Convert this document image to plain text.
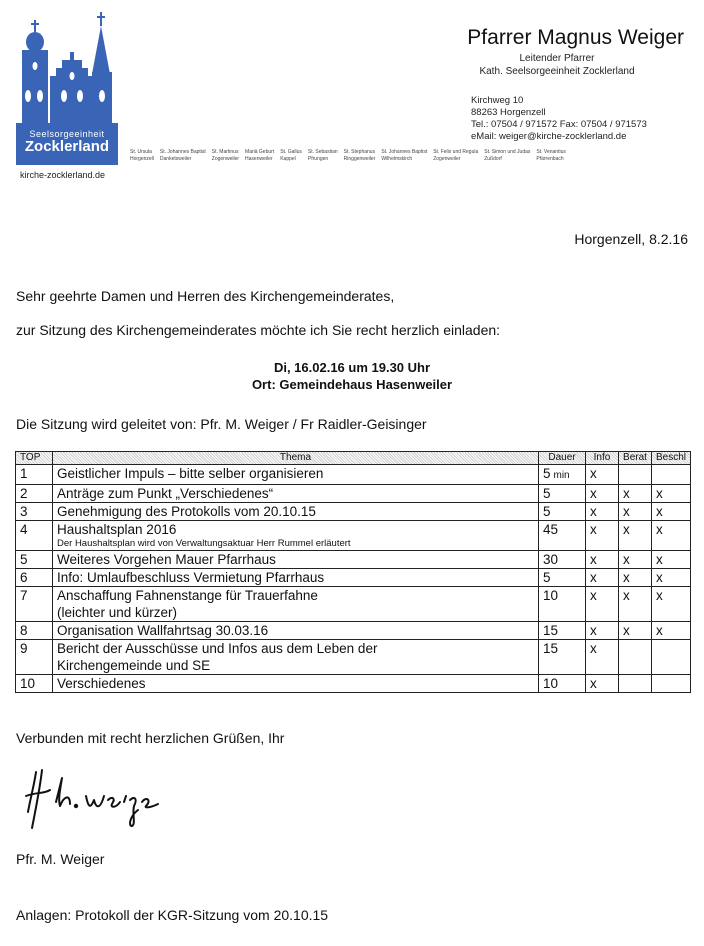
Seelsorgeeinheit
Zocklerland
kirche-zocklerland.de
St. Ursula
Horgenzell
St. Johannes Baptist
Danketsweiler
St. Martinus
Zogenweiler
Mariä Geburt
Hasenweiler
St. Gallus
Kappel
St. Sebastian
Pfrungen
St. Stephanus
Ringgenweiler
St. Johannes Baptist
Wilhelmskirch
St. Felix und Regula
Zogenweiler
St. Simon und Judas
Zußdorf
St. Venantius
Pfärrenbach
Pfarrer Magnus Weiger
Leitender Pfarrer
Kath. Seelsorgeeinheit Zocklerland
Kirchweg 10
88263 Horgenzell
Tel.: 07504 / 971572 Fax: 07504 / 971573
eMail: weiger@kirche-zocklerland.de
Horgenzell, 8.2.16
Sehr geehrte Damen und Herren des Kirchengemeinderates,
zur Sitzung des Kirchengemeinderates möchte ich Sie recht herzlich einladen:
Di, 16.02.16 um 19.30 Uhr
Ort: Gemeindehaus Hasenweiler
Die Sitzung wird geleitet von: Pfr. M. Weiger / Fr Raidler-Geisinger
TOP	Thema	Dauer	Info	Berat	Beschl
1	Geistlicher Impuls – bitte selber organisieren	5 min	x		
2	Anträge zum Punkt „Verschiedenes“	5	x	x	x
3	Genehmigung des Protokolls vom 20.10.15	5	x	x	x
4	Haushaltsplan 2016
Der Haushaltsplan wird von Verwaltungsaktuar Herr Rummel erläutert	45	x	x	x
5	Weiteres Vorgehen Mauer Pfarrhaus	30	x	x	x
6	Info: Umlaufbeschluss Vermietung Pfarrhaus	5	x	x	x
7	Anschaffung Fahnenstange für Trauerfahne
(leichter und kürzer)	10	x	x	x
8	Organisation Wallfahrtsag 30.03.16	15	x	x	x
9	Bericht der Ausschüsse und Infos aus dem Leben der
Kirchengemeinde und SE	15	x		
10	Verschiedenes	10	x		
Verbunden mit recht herzlichen Grüßen, Ihr
Pfr. M. Weiger
Anlagen: Protokoll der KGR-Sitzung vom 20.10.15
